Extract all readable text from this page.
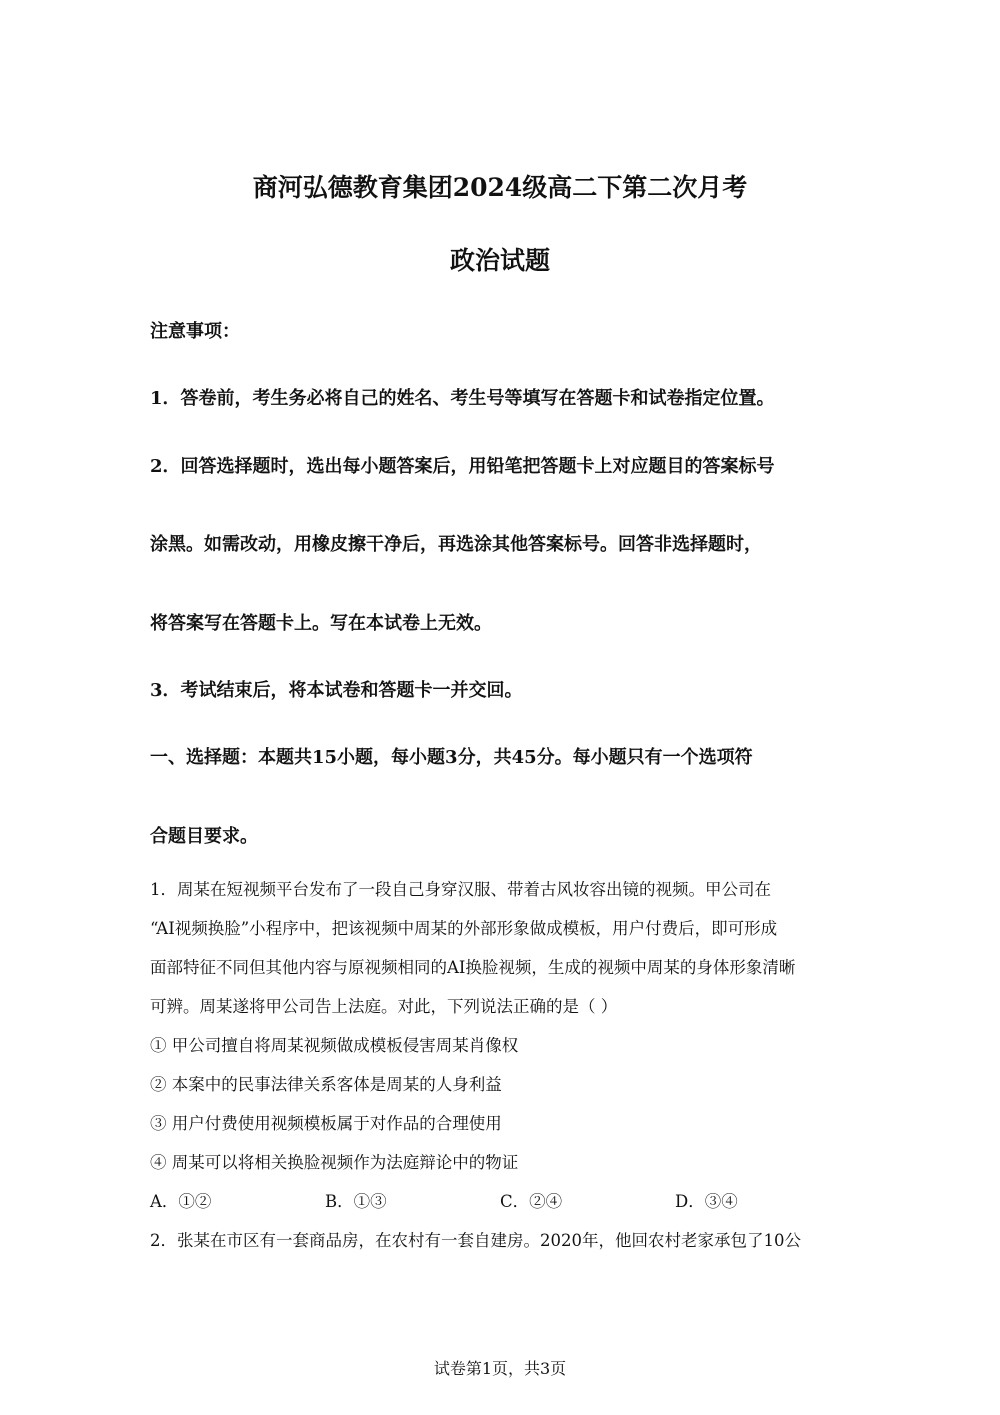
商河弘德教育集团2024级高二下第二次月考
政治试题
注意事项：
1．答卷前，考生务必将自己的姓名、考生号等填写在答题卡和试卷指定位置。
2．回答选择题时，选出每小题答案后，用铅笔把答题卡上对应题目的答案标号
涂黑。如需改动，用橡皮擦干净后，再选涂其他答案标号。回答非选择题时，
将答案写在答题卡上。写在本试卷上无效。
3．考试结束后，将本试卷和答题卡一并交回。
一、选择题：本题共15小题，每小题3分，共45分。每小题只有一个选项符
合题目要求。
1．周某在短视频平台发布了一段自己身穿汉服、带着古风妆容出镜的视频。甲公司在
“AI视频换脸”小程序中，把该视频中周某的外部形象做成模板，用户付费后，即可形成
面部特征不同但其他内容与原视频相同的AI换脸视频，生成的视频中周某的身体形象清晰
可辨。周某遂将甲公司告上法庭。对此，下列说法正确的是（ ）
① 甲公司擅自将周某视频做成模板侵害周某肖像权
② 本案中的民事法律关系客体是周某的人身利益
③ 用户付费使用视频模板属于对作品的合理使用
④ 周某可以将相关换脸视频作为法庭辩论中的物证
A．①②	B．①③	C．②④	D．③④
2．张某在市区有一套商品房，在农村有一套自建房。2020年，他回农村老家承包了10公
试卷第1页，共3页
